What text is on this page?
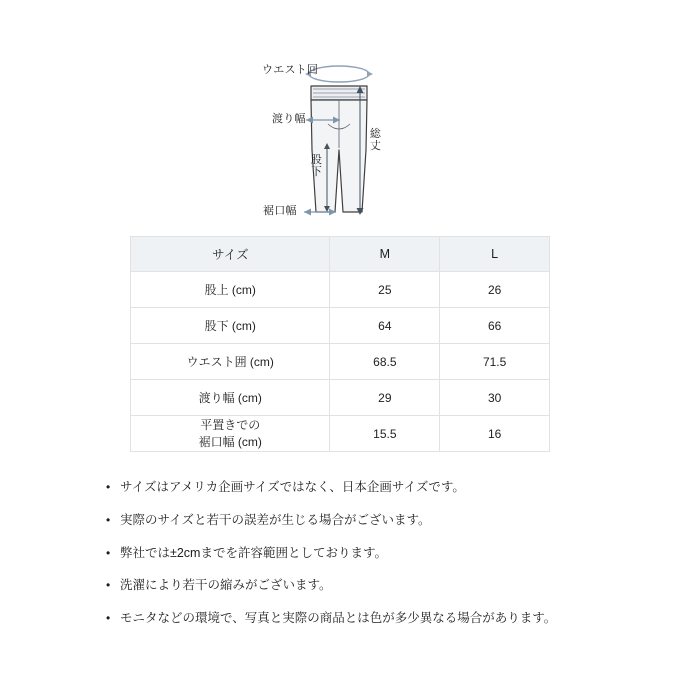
ウエスト回
渡り幅
総丈
股下
裾口幅
サイズ	M	L
股上 (cm)	25	26
股下 (cm)	64	66
ウエスト囲 (cm)	68.5	71.5
渡り幅 (cm)	29	30

平置きでの
裾口幅 (cm)	15.5	16
• サイズはアメリカ企画サイズではなく、日本企画サイズです。
• 実際のサイズと若干の誤差が生じる場合がございます。
• 弊社では±2cmまでを許容範囲としております。
• 洗濯により若干の縮みがございます。
• モニタなどの環境で、写真と実際の商品とは色が多少異なる場合があります。
